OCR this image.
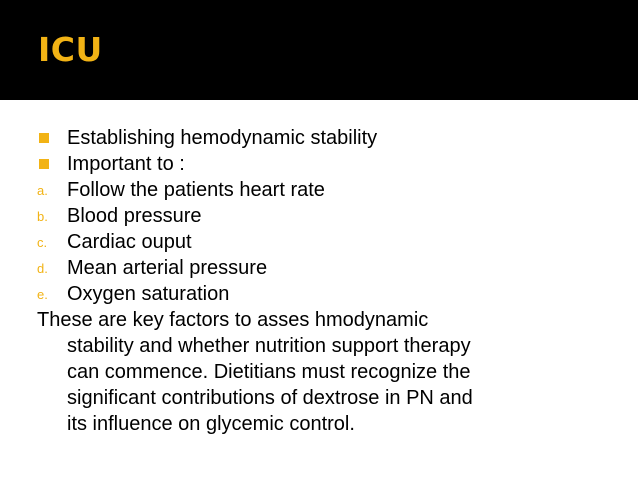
ICU
Establishing hemodynamic stability
Important to :
a. Follow the patients heart rate
b. Blood pressure
c. Cardiac ouput
d. Mean arterial pressure
e. Oxygen saturation

These are key factors to asses hmodynamic
stability and whether nutrition support therapy
can commence. Dietitians must recognize the
significant contributions of dextrose in PN and
its influence on glycemic control.
